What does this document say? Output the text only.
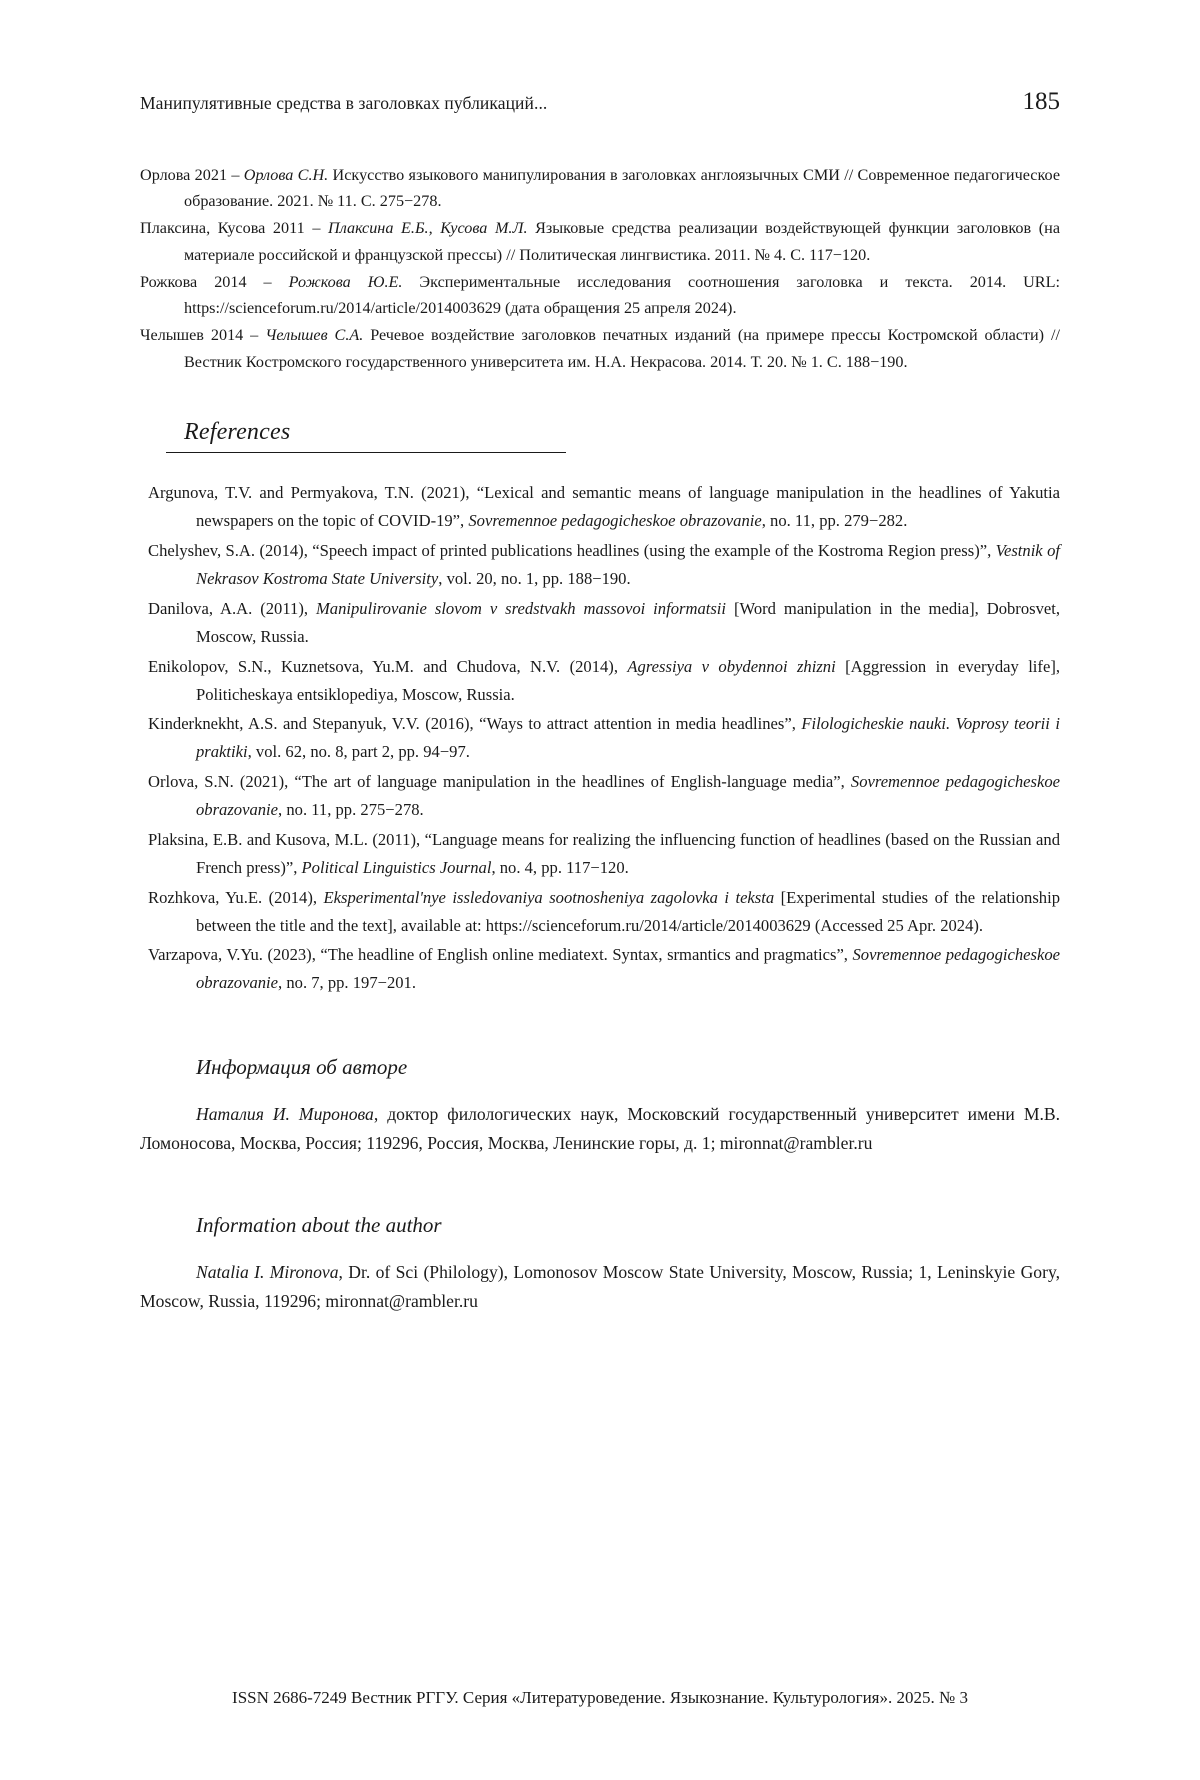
Манипулятивные средства в заголовках публикаций...	185
Орлова 2021 – Орлова С.Н. Искусство языкового манипулирования в заголовках англоязычных СМИ // Современное педагогическое образование. 2021. № 11. С. 275−278.
Плаксина, Кусова 2011 – Плаксина Е.Б., Кусова М.Л. Языковые средства реализации воздействующей функции заголовков (на материале российской и французской прессы) // Политическая лингвистика. 2011. № 4. С. 117−120.
Рожкова 2014 – Рожкова Ю.Е. Экспериментальные исследования соотношения заголовка и текста. 2014. URL: https://scienceforum.ru/2014/article/2014003629 (дата обращения 25 апреля 2024).
Челышев 2014 – Челышев С.А. Речевое воздействие заголовков печатных изданий (на примере прессы Костромской области) // Вестник Костромского государственного университета им. Н.А. Некрасова. 2014. Т. 20. № 1. С. 188−190.
References
Argunova, T.V. and Permyakova, T.N. (2021), “Lexical and semantic means of language manipulation in the headlines of Yakutia newspapers on the topic of COVID-19”, Sovremennoe pedagogicheskoe obrazovanie, no. 11, pp. 279−282.
Chelyshev, S.A. (2014), “Speech impact of printed publications headlines (using the example of the Kostroma Region press)”, Vestnik of Nekrasov Kostroma State University, vol. 20, no. 1, pp. 188−190.
Danilova, A.A. (2011), Manipulirovanie slovom v sredstvakh massovoi informatsii [Word manipulation in the media], Dobrosvet, Moscow, Russia.
Enikolopov, S.N., Kuznetsova, Yu.M. and Chudova, N.V. (2014), Agressiya v obydennoi zhizni [Aggression in everyday life], Politicheskaya entsiklopediya, Moscow, Russia.
Kinderknekht, A.S. and Stepanyuk, V.V. (2016), “Ways to attract attention in media headlines”, Filologicheskie nauki. Voprosy teorii i praktiki, vol. 62, no. 8, part 2, pp. 94−97.
Orlova, S.N. (2021), “The art of language manipulation in the headlines of English-language media”, Sovremennoe pedagogicheskoe obrazovanie, no. 11, pp. 275−278.
Plaksina, E.B. and Kusova, M.L. (2011), “Language means for realizing the influencing function of headlines (based on the Russian and French press)”, Political Linguistics Journal, no. 4, pp. 117−120.
Rozhkova, Yu.E. (2014), Eksperimental'nye issledovaniya sootnosheniya zagolovka i teksta [Experimental studies of the relationship between the title and the text], available at: https://scienceforum.ru/2014/article/2014003629 (Accessed 25 Apr. 2024).
Varzapova, V.Yu. (2023), “The headline of English online mediatext. Syntax, srmantics and pragmatics”, Sovremennoe pedagogicheskoe obrazovanie, no. 7, pp. 197−201.
Информация об авторе

Наталия И. Миронова, доктор филологических наук, Московский государственный университет имени М.В. Ломоносова, Москва, Россия; 119296, Россия, Москва, Ленинские горы, д. 1; mironnat@rambler.ru

Information about the author

Natalia I. Mironova, Dr. of Sci (Philology), Lomonosov Moscow State University, Moscow, Russia; 1, Leninskyie Gory, Moscow, Russia, 119296; mironnat@rambler.ru

ISSN 2686-7249 Вестник РГГУ. Серия «Литературоведение. Языкознание. Культурология». 2025. № 3
